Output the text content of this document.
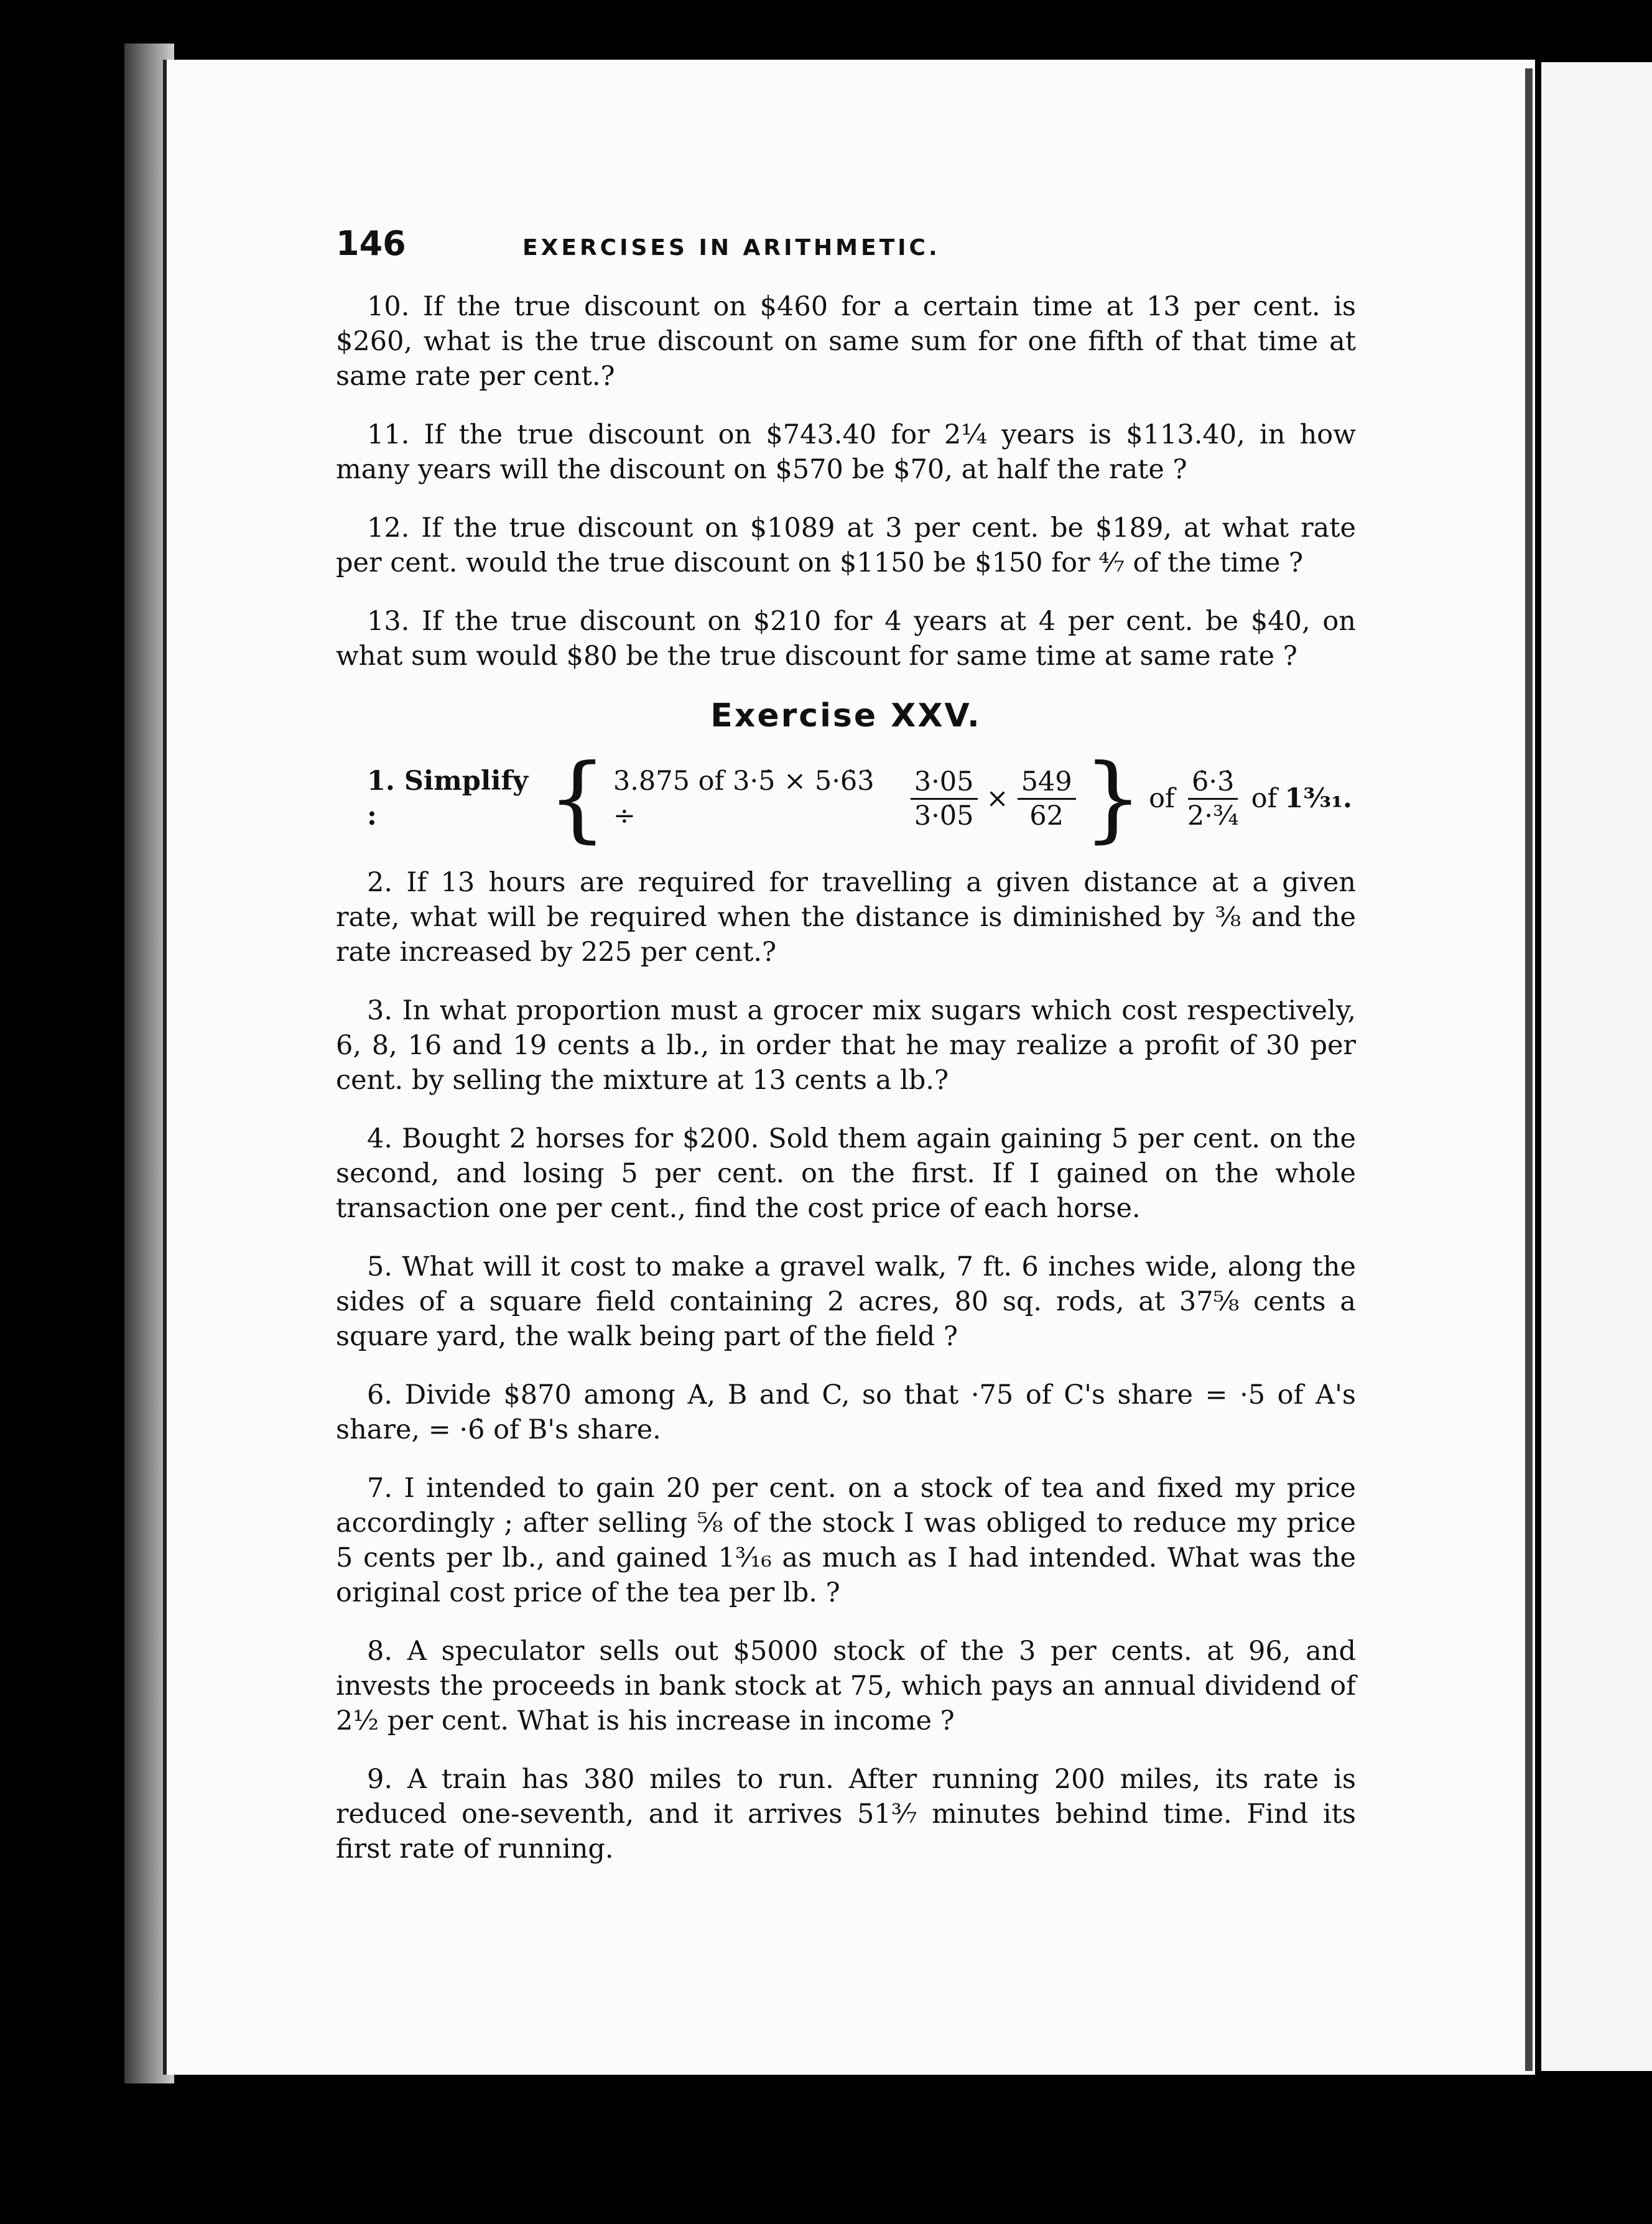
146	EXERCISES IN ARITHMETIC.

10. If the true discount on $460 for a certain time at 13 per cent. is $260, what is the true discount on same sum for one fifth of that time at same rate per cent.?

11. If the true discount on $743.40 for 2¼ years is $113.40, in how many years will the discount on $570 be $70, at half the rate ?

12. If the true discount on $1089 at 3 per cent. be $189, at what rate per cent. would the true discount on $1150 be $150 for ⁴⁄₇ of the time ?

13. If the true discount on $210 for 4 years at 4 per cent. be $40, on what sum would $80 be the true discount for same time at same rate ?

Exercise XXV.
1. Simplify :	{ 3.875 of 3·5̇ × 5·6̇3̇ ÷	$\frac{3\cdot 05}{3\cdot 0̇5} \times \frac{549}{62}$ } of $\frac{6̇\cdot 3̇}{\text{2·¾}}$ of 1³⁄₃₁.

2. If 13 hours are required for travelling a given distance at a given rate, what will be required when the distance is diminished by ⅜ and the rate increased by 225 per cent.?

3. In what proportion must a grocer mix sugars which cost respectively, 6, 8, 16 and 19 cents a lb., in order that he may realize a profit of 30 per cent. by selling the mixture at 13 cents a lb.?

4. Bought 2 horses for $200. Sold them again gaining 5 per cent. on the second, and losing 5 per cent. on the first. If I gained on the whole transaction one per cent., find the cost price of each horse.

5. What will it cost to make a gravel walk, 7 ft. 6 inches wide, along the sides of a square field containing 2 acres, 80 sq. rods, at 37⅝ cents a square yard, the walk being part of the field ?

6. Divide $870 among A, B and C, so that ·75 of C's share = ·5 of A's share, = ·6̇ of B's share.

7. I intended to gain 20 per cent. on a stock of tea and fixed my price accordingly ; after selling ⅝ of the stock I was obliged to reduce my price 5 cents per lb., and gained 1³⁄₁₆ as much as I had intended. What was the original cost price of the tea per lb. ?

8. A speculator sells out $5000 stock of the 3 per cents. at 96, and invests the proceeds in bank stock at 75, which pays an annual dividend of 2½ per cent. What is his increase in income ?

9. A train has 380 miles to run. After running 200 miles, its rate is reduced one-seventh, and it arrives 51³⁄₇ minutes behind time. Find its first rate of running.
